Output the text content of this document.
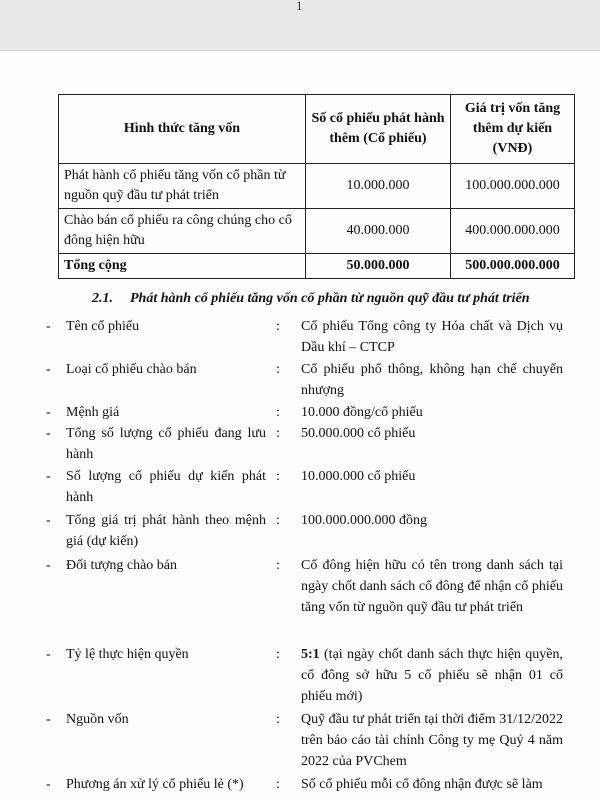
1
Hình thức tăng vốn	Số cổ phiếu phát hành thêm (Cổ phiếu)	Giá trị vốn tăng thêm dự kiến (VNĐ)
Phát hành cổ phiếu tăng vốn cổ phần từ nguồn quỹ đầu tư phát triển	10.000.000	100.000.000.000
Chào bán cổ phiếu ra công chúng cho cổ đông hiện hữu	40.000.000	400.000.000.000
Tổng cộng	50.000.000	500.000.000.000
2.1. Phát hành cổ phiếu tăng vốn cổ phần từ nguồn quỹ đầu tư phát triển
- Tên cổ phiếu	: Cổ phiếu Tổng công ty Hóa chất và Dịch vụ Dầu khí – CTCP
- Loại cổ phiếu chào bán	: Cổ phiếu phổ thông, không hạn chế chuyển nhượng
- Mệnh giá	: 10.000 đồng/cổ phiếu
- Tổng số lượng cổ phiếu đang lưu hành
: 50.000.000 cổ phiếu
- Số lượng cổ phiếu dự kiến phát hành
: 10.000.000 cổ phiếu
- Tổng giá trị phát hành theo mệnh giá (dự kiến)
: 100.000.000.000 đồng
- Đối tượng chào bán	: Cổ đông hiện hữu có tên trong danh sách tại ngày chốt danh sách cổ đông để nhận cổ phiếu tăng vốn từ nguồn quỹ đầu tư phát triển
- Tỷ lệ thực hiện quyền	: 5:1 (tại ngày chốt danh sách thực hiện quyền, cổ đông sở hữu 5 cổ phiếu sẽ nhận 01 cổ phiếu mới)
- Nguồn vốn	: Quỹ đầu tư phát triển tại thời điểm 31/12/2022 trên báo cáo tài chính Công ty mẹ Quý 4 năm 2022 của PVChem
- Phương án xử lý cổ phiếu lẻ (*)	: Số cổ phiếu mỗi cổ đông nhận được sẽ làm
